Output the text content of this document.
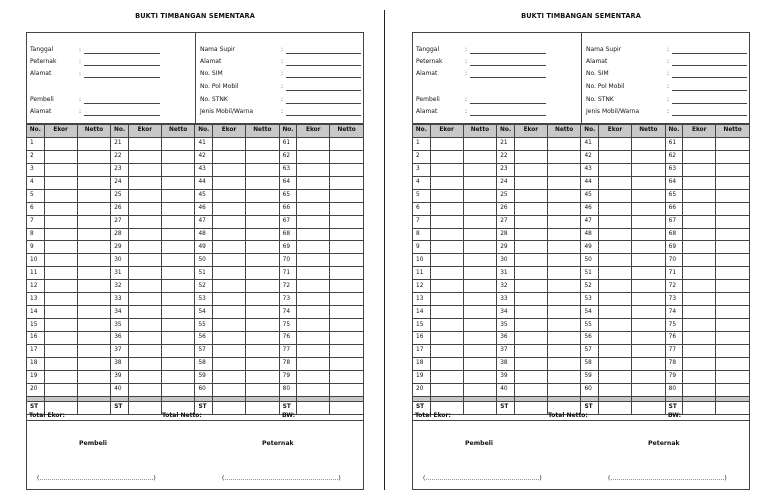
BUKTI TIMBANGAN SEMENTARA
Tanggal	:
Peternak	:
Alamat	:
Pembeli	:
Alamat	:
Nama Supir	:
Alamat	:
No. SIM	:
No. Pol Mobil	:
No. STNK	:
Jenis Mobil/Warna	:
No.	Ekor	Netto	No.	Ekor	Netto	No.	Ekor	Netto	No.	Ekor	Netto
1			21			41			61		
2			22			42			62		
3			23			43			63		
4			24			44			64		
5			25			45			65		
6			26			46			66		
7			27			47			67		
8			28			48			68		
9			29			49			69		
10			30			50			70		
11			31			51			71		
12			32			52			72		
13			33			53			73		
14			34			54			74		
15			35			55			75		
16			36			56			76		
17			37			57			77		
18			38			58			78		
19			39			59			79		
20			40			60			80		

ST			ST			ST			ST		
Total Ekor:	Total Netto:	BW:
Pembeli	Peternak
(…………………………………………………)	(…………………………………………………)
BUKTI TIMBANGAN SEMENTARA
Tanggal	:
Peternak	:
Alamat	:
Pembeli	:
Alamat	:
Nama Supir	:
Alamat	:
No. SIM	:
No. Pol Mobil	:
No. STNK	:
Jenis Mobil/Warna	:
No.	Ekor	Netto	No.	Ekor	Netto	No.	Ekor	Netto	No.	Ekor	Netto
1			21			41			61		
2			22			42			62		
3			23			43			63		
4			24			44			64		
5			25			45			65		
6			26			46			66		
7			27			47			67		
8			28			48			68		
9			29			49			69		
10			30			50			70		
11			31			51			71		
12			32			52			72		
13			33			53			73		
14			34			54			74		
15			35			55			75		
16			36			56			76		
17			37			57			77		
18			38			58			78		
19			39			59			79		
20			40			60			80		

ST			ST			ST			ST		
Total Ekor:	Total Netto:	BW:
Pembeli	Peternak
(…………………………………………………)	(…………………………………………………)
